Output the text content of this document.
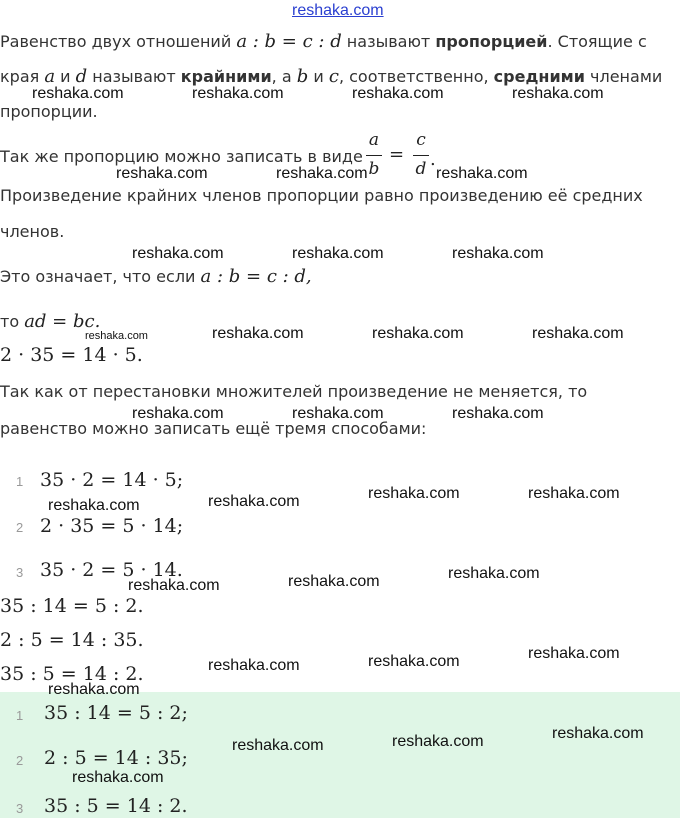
reshaka.com
Равенство двух отношений a : b = c : d называют пропорцией. Стоящие с
края a и d называют крайними, а b и c, соответственно, средними членами
пропорции.
Так же пропорцию можно записать в виде
a
b
=
c
d .
Произведение крайних членов пропорции равно произведению её средних
членов.
Это означает, что если a : b = c : d,
то ad = bc.
2 · 35 = 14 · 5.
Так как от перестановки множителей произведение не меняется, то
равенство можно записать ещё тремя способами:
1 35 · 2 = 14 · 5;
2 2 · 35 = 5 · 14;
3 35 · 2 = 5 · 14.
35 : 14 = 5 : 2.
2 : 5 = 14 : 35.
35 : 5 = 14 : 2.
1 35 : 14 = 5 : 2;
2 2 : 5 = 14 : 35;
3 35 : 5 = 14 : 2.
reshaka.com	reshaka.com	reshaka.com	reshaka.com
reshaka.com	reshaka.com	reshaka.com
reshaka.com	reshaka.com	reshaka.com
reshaka.com	reshaka.com	reshaka.com	reshaka.com
reshaka.com	reshaka.com	reshaka.com
reshaka.com	reshaka.com	reshaka.com	reshaka.com
reshaka.com	reshaka.com	reshaka.com
reshaka.com	reshaka.com	reshaka.com
reshaka.com
reshaka.com	reshaka.com	reshaka.com
reshaka.com
